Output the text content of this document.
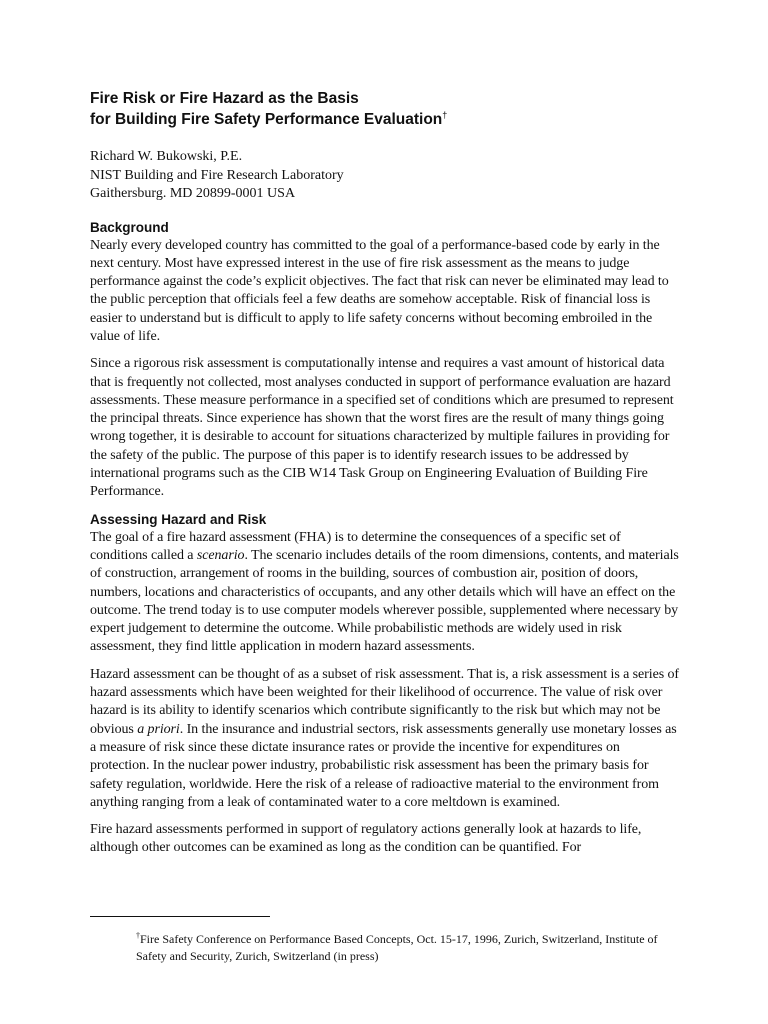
Fire Risk or Fire Hazard as the Basis
for Building Fire Safety Performance Evaluation†
Richard W. Bukowski, P.E.
NIST Building and Fire Research Laboratory
Gaithersburg. MD 20899-0001 USA
Background

Nearly every developed country has committed to the goal of a performance-based code by early in the next century. Most have expressed interest in the use of fire risk assessment as the means to judge performance against the code’s explicit objectives. The fact that risk can never be eliminated may lead to the public perception that officials feel a few deaths are somehow acceptable. Risk of financial loss is easier to understand but is difficult to apply to life safety concerns without becoming embroiled in the value of life.

Since a rigorous risk assessment is computationally intense and requires a vast amount of historical data that is frequently not collected, most analyses conducted in support of performance evaluation are hazard assessments. These measure performance in a specified set of conditions which are presumed to represent the principal threats. Since experience has shown that the worst fires are the result of many things going wrong together, it is desirable to account for situations characterized by multiple failures in providing for the safety of the public. The purpose of this paper is to identify research issues to be addressed by international programs such as the CIB W14 Task Group on Engineering Evaluation of Building Fire Performance.

Assessing Hazard and Risk

The goal of a fire hazard assessment (FHA) is to determine the consequences of a specific set of conditions called a scenario. The scenario includes details of the room dimensions, contents, and materials of construction, arrangement of rooms in the building, sources of combustion air, position of doors, numbers, locations and characteristics of occupants, and any other details which will have an effect on the outcome. The trend today is to use computer models wherever possible, supplemented where necessary by expert judgement to determine the outcome. While probabilistic methods are widely used in risk assessment, they find little application in modern hazard assessments.

Hazard assessment can be thought of as a subset of risk assessment. That is, a risk assessment is a series of hazard assessments which have been weighted for their likelihood of occurrence. The value of risk over hazard is its ability to identify scenarios which contribute significantly to the risk but which may not be obvious a priori. In the insurance and industrial sectors, risk assessments generally use monetary losses as a measure of risk since these dictate insurance rates or provide the incentive for expenditures on protection. In the nuclear power industry, probabilistic risk assessment has been the primary basis for safety regulation, worldwide. Here the risk of a release of radioactive material to the environment from anything ranging from a leak of contaminated water to a core meltdown is examined.

Fire hazard assessments performed in support of regulatory actions generally look at hazards to life, although other outcomes can be examined as long as the condition can be quantified. For

†Fire Safety Conference on Performance Based Concepts, Oct. 15-17, 1996, Zurich, Switzerland, Institute of Safety and Security, Zurich, Switzerland (in press)
